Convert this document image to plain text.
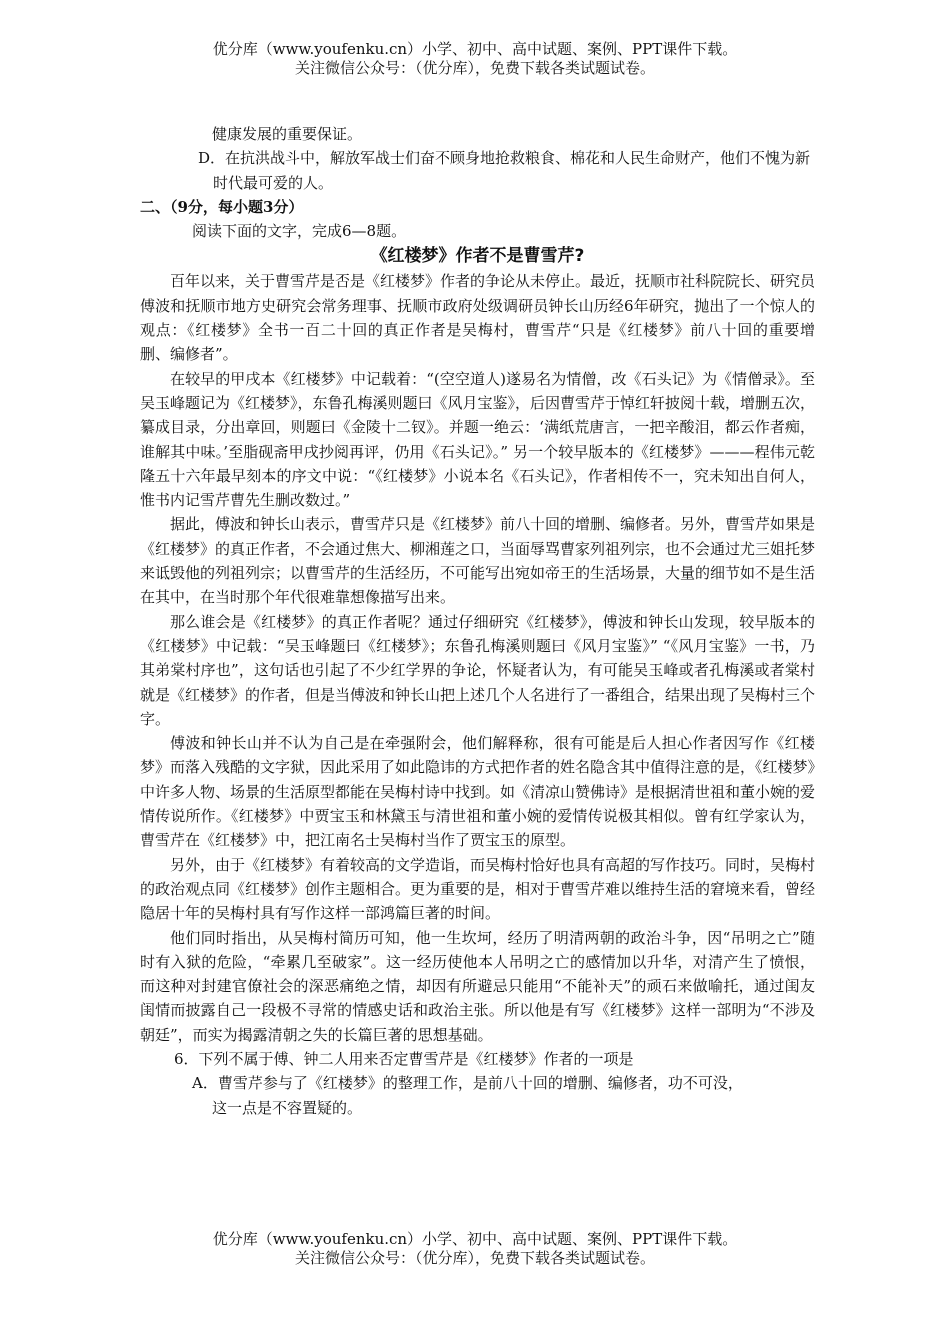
优分库（www.youfenku.cn）小学、初中、高中试题、案例、PPT课件下载。
关注微信公众号：（优分库），免费下载各类试题试卷。

健康发展的重要保证。

D．在抗洪战斗中，解放军战士们奋不顾身地抢救粮食、棉花和人民生命财产，他们不愧为新时代最可爱的人。

二、（9分，每小题3分）

阅读下面的文字，完成6—8题。

《红楼梦》作者不是曹雪芹?

百年以来，关于曹雪芹是否是《红楼梦》作者的争论从未停止。最近，抚顺市社科院院长、研究员傅波和抚顺市地方史研究会常务理事、抚顺市政府处级调研员钟长山历经6年研究，抛出了一个惊人的观点：《红楼梦》全书一百二十回的真正作者是吴梅村，曹雪芹“只是《红楼梦》前八十回的重要增删、编修者”。

在较早的甲戌本《红楼梦》中记载着：“(空空道人)遂易名为情僧，改《石头记》为《情僧录》。至吴玉峰题记为《红楼梦》，东鲁孔梅溪则题曰《风月宝鉴》，后因曹雪芹于悼红轩披阅十载，增删五次，纂成目录，分出章回，则题曰《金陵十二钗》。并题一绝云：‘满纸荒唐言，一把辛酸泪，都云作者痴，谁解其中味。’至脂砚斋甲戌抄阅再评，仍用《石头记》。” 另一个较早版本的《红楼梦》———程伟元乾隆五十六年最早刻本的序文中说：“《红楼梦》小说本名《石头记》，作者相传不一，究未知出自何人，惟书内记雪芹曹先生删改数过。”

据此，傅波和钟长山表示，曹雪芹只是《红楼梦》前八十回的增删、编修者。另外，曹雪芹如果是《红楼梦》的真正作者，不会通过焦大、柳湘莲之口，当面辱骂曹家列祖列宗，也不会通过尤三姐托梦来诋毁他的列祖列宗；以曹雪芹的生活经历，不可能写出宛如帝王的生活场景，大量的细节如不是生活在其中，在当时那个年代很难靠想像描写出来。

那么谁会是《红楼梦》的真正作者呢？通过仔细研究《红楼梦》，傅波和钟长山发现，较早版本的《红楼梦》中记载：“吴玉峰题曰《红楼梦》；东鲁孔梅溪则题曰《风月宝鉴》” “《风月宝鉴》一书，乃其弟棠村序也”，这句话也引起了不少红学界的争论，怀疑者认为，有可能吴玉峰或者孔梅溪或者棠村就是《红楼梦》的作者，但是当傅波和钟长山把上述几个人名进行了一番组合，结果出现了吴梅村三个字。

傅波和钟长山并不认为自己是在牵强附会，他们解释称，很有可能是后人担心作者因写作《红楼梦》而落入残酷的文字狱，因此采用了如此隐讳的方式把作者的姓名隐含其中值得注意的是，《红楼梦》中许多人物、场景的生活原型都能在吴梅村诗中找到。如《清凉山赞佛诗》是根据清世祖和董小婉的爱情传说所作。《红楼梦》中贾宝玉和林黛玉与清世祖和董小婉的爱情传说极其相似。曾有红学家认为，曹雪芹在《红楼梦》中，把江南名士吴梅村当作了贾宝玉的原型。

另外，由于《红楼梦》有着较高的文学造诣，而吴梅村恰好也具有高超的写作技巧。同时，吴梅村的政治观点同《红楼梦》创作主题相合。更为重要的是，相对于曹雪芹难以维持生活的窘境来看，曾经隐居十年的吴梅村具有写作这样一部鸿篇巨著的时间。

他们同时指出，从吴梅村简历可知，他一生坎坷，经历了明清两朝的政治斗争，因“吊明之亡”随时有入狱的危险，“牵累几至破家”。这一经历使他本人吊明之亡的感情加以升华，对清产生了愤恨，而这种对封建官僚社会的深恶痛绝之情，却因有所避忌只能用“不能补天”的顽石来做喻托，通过闺友闺情而披露自己一段极不寻常的情感史话和政治主张。所以他是有写《红楼梦》这样一部明为“不涉及朝廷”，而实为揭露清朝之失的长篇巨著的思想基础。

6．下列不属于傅、钟二人用来否定曹雪芹是《红楼梦》作者的一项是

A．曹雪芹参与了《红楼梦》的整理工作，是前八十回的增删、编修者，功不可没，

这一点是不容置疑的。

优分库（www.youfenku.cn）小学、初中、高中试题、案例、PPT课件下载。
关注微信公众号：（优分库），免费下载各类试题试卷。
